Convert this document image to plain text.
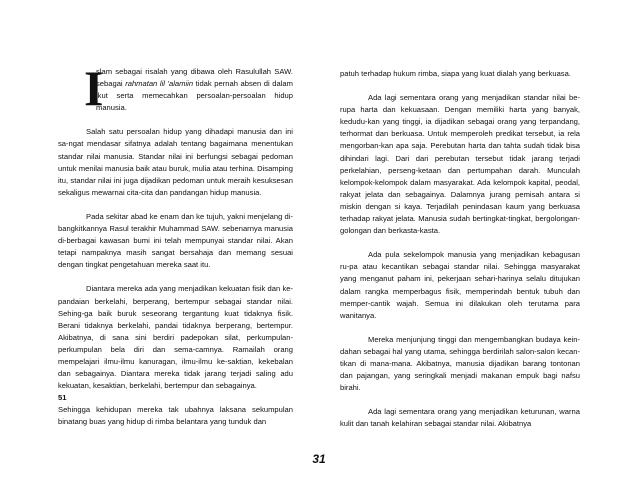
I

slam sebagai risalah yang dibawa oleh Rasulullah SAW. sebagai rahmatan lil 'alamiin tidak pernah absen di dalam ikut serta memecahkan persoalan-persoalan hidup manusia.

Salah satu persoalan hidup yang dihadapi manusia dan ini sa-ngat mendasar sifatnya adalah tentang bagaimana menentukan standar nilai manusia. Standar nilai ini berfungsi sebagai pedoman untuk menilai manusia baik atau buruk, mulia atau terhina. Disamping itu, standar nilai ini juga dijadikan pedoman untuk meraih kesuksesan sekaligus mewarnai cita-cita dan pandangan hidup manusia.

Pada sekitar abad ke enam dan ke tujuh, yakni menjelang di-bangkitkannya Rasul terakhir Muhammad SAW. sebenarnya manusia di-berbagai kawasan bumi ini telah mempunyai standar nilai. Akan tetapi nampaknya masih sangat bersahaja dan memang sesuai dengan tingkat pengetahuan mereka saat itu.

Diantara mereka ada yang menjadikan kekuatan fisik dan ke-pandaian berkelahi, berperang, bertempur sebagai standar nilai. Sehing-ga baik buruk seseorang tergantung kuat tidaknya fisik. Berani tidaknya berkelahi, pandai tidaknya berperang, bertempur. Akibatnya, di sana sini berdiri padepokan silat, perkumpulan-perkumpulan bela diri dan sema-camnya. Ramailah orang mempelajari ilmu-ilmu kanuragan, ilmu-ilmu ke-saktian, kekebalan dan sebagainya. Diantara mereka tidak jarang terjadi saling adu kekuatan, kesaktian, berkelahi, bertempur dan sebagainya.

51

Sehingga kehidupan mereka tak ubahnya laksana sekumpulan binatang buas yang hidup di rimba belantara yang tunduk dan

patuh terhadap hukum rimba, siapa yang kuat dialah yang berkuasa.

Ada lagi sementara orang yang menjadikan standar nilai be-rupa harta dan kekuasaan. Dengan memiliki harta yang banyak, kedudu-kan yang tinggi, ia dijadikan sebagai orang yang terpandang, terhormat dan berkuasa. Untuk memperoleh predikat tersebut, ia rela mengorban-kan apa saja. Perebutan harta dan tahta sudah tidak bisa dihindari lagi. Dari dari perebutan tersebut tidak jarang terjadi perkelahian, perseng-ketaan dan pertumpahan darah. Munculah kelompok-kelompok dalam masyarakat. Ada kelompok kapital, peodal, rakyat jelata dan sebagainya. Dalamnya jurang pemisah antara si miskin dengan si kaya. Terjadilah penindasan kaum yang berkuasa terhadap rakyat jelata. Manusia sudah bertingkat-tingkat, bergolongan-golongan dan berkasta-kasta.

Ada pula sekelompok manusia yang menjadikan kebagusan ru-pa atau kecantikan sebagai standar nilai. Sehingga masyarakat yang menganut paham ini, pekerjaan sehari-harinya selalu ditujukan dalam rangka memperbagus fisik, memperindah bentuk tubuh dan memper-cantik wajah. Semua ini dilakukan oleh terutama para wanitanya.

Mereka menjunjung tinggi dan mengembangkan budaya kein-dahan sebagai hal yang utama, sehingga berdirilah salon-salon kecan-tikan di mana-mana. Akibatnya, manusia dijadikan barang tontonan dan pajangan, yang seringkali menjadi makanan empuk bagi nafsu birahi.

Ada lagi sementara orang yang menjadikan keturunan, warna kulit dan tanah kelahiran sebagai standar nilai. Akibatnya

31
